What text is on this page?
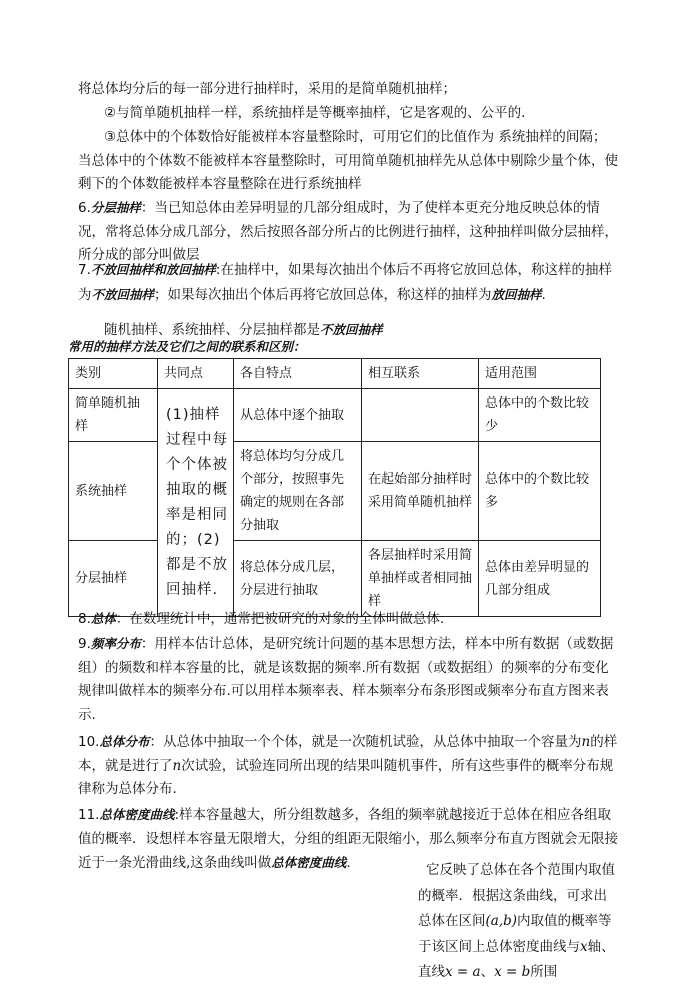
将总体均分后的每一部分进行抽样时，采用的是简单随机抽样；

②与简单随机抽样一样，系统抽样是等概率抽样，它是客观的、公平的．

③总体中的个体数恰好能被样本容量整除时，可用它们的比值作为 系统抽样的间隔；当总体中的个体数不能被样本容量整除时，可用简单随机抽样先从总体中剔除少量个体，使剩下的个体数能被样本容量整除在进行系统抽样

6.分层抽样：当已知总体由差异明显的几部分组成时，为了使样本更充分地反映总体的情况，常将总体分成几部分，然后按照各部分所占的比例进行抽样，这种抽样叫做分层抽样，所分成的部分叫做层

7.不放回抽样和放回抽样:在抽样中，如果每次抽出个体后不再将它放回总体，称这样的抽样为不放回抽样；如果每次抽出个体后再将它放回总体，称这样的抽样为放回抽样.

随机抽样、系统抽样、分层抽样都是不放回抽样

常用的抽样方法及它们之间的联系和区别：

类别	共同点	各自特点	相互联系	适用范围
简单随机抽样	(1)抽样过程中每个个体被抽取的概率是相同的；(2)都是不放回抽样.	从总体中逐个抽取		总体中的个数比较少
系统抽样		将总体均匀分成几个部分，按照事先确定的规则在各部分抽取	在起始部分抽样时采用简单随机抽样	总体中的个数比较多
分层抽样		将总体分成几层，分层进行抽取	各层抽样时采用简单抽样或者相同抽样	总体由差异明显的几部分组成

8.总体：在数理统计中，通常把被研究的对象的全体叫做总体.

9.频率分布：用样本估计总体，是研究统计问题的基本思想方法，样本中所有数据（或数据组）的频数和样本容量的比，就是该数据的频率.所有数据（或数据组）的频率的分布变化规律叫做样本的频率分布.可以用样本频率表、样本频率分布条形图或频率分布直方图来表示.

10.总体分布：从总体中抽取一个个体，就是一次随机试验，从总体中抽取一个容量为n的样本，就是进行了n次试验，试验连同所出现的结果叫随机事件，所有这些事件的概率分布规律称为总体分布.

11.总体密度曲线:样本容量越大，所分组数越多，各组的频率就越接近于总体在相应各组取值的概率．设想样本容量无限增大，分组的组距无限缩小，那么频率分布直方图就会无限接近于一条光滑曲线,这条曲线叫做总体密度曲线.	它反映了总体在各个范围内取值的概率．根据这条曲线，可求出总体在区间(a,b)内取值的概率等于该区间上总体密度曲线与x轴、直线x = a、x = b所围
